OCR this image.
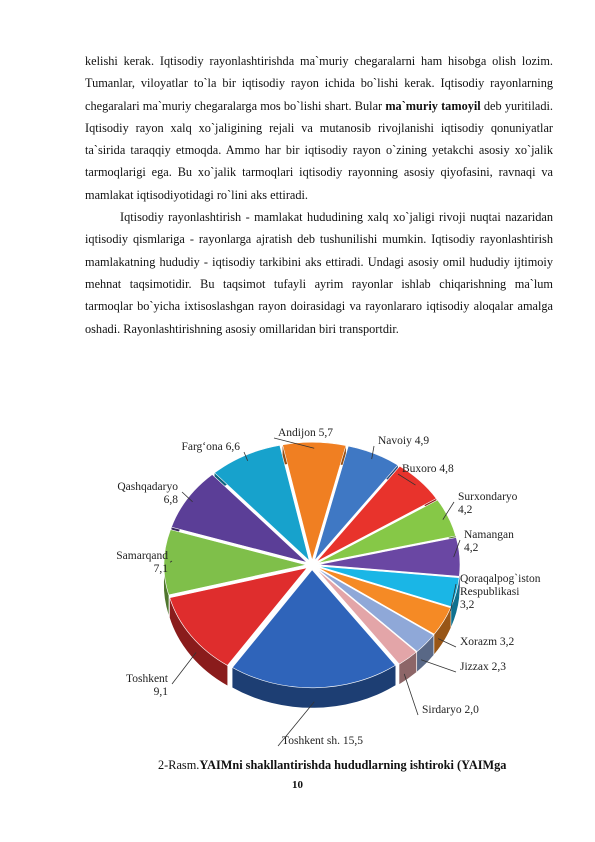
kelishi kerak. Iqtisodiy rayonlashtirishda ma`muriy chegaralarni ham hisobga olish lozim. Tumanlar, viloyatlar to`la bir iqtisodiy rayon ichida bo`lishi kerak. Iqtisodiy rayonlarning chegaralari ma`muriy chegaralarga mos bo`lishi shart. Bular ma`muriy tamoyil deb yuritiladi. Iqtisodiy rayon xalq xo`jaligining rejali va mutanosib rivojlanishi iqtisodiy qonuniyatlar ta`sirida taraqqiy etmoqda. Ammo har bir iqtisodiy rayon o`zining yetakchi asosiy xo`jalik tarmoqlarigi ega. Bu xo`jalik tarmoqlari iqtisodiy rayonning asosiy qiyofasini, ravnaqi va mamlakat iqtisodiyotidagi ro`lini aks ettiradi.

Iqtisodiy rayonlashtirish - mamlakat hududining xalq xo`jaligi rivoji nuqtai nazaridan iqtisodiy qismlariga - rayonlarga ajratish deb tushunilishi mumkin. Iqtisodiy rayonlashtirish mamlakatning hududiy - iqtisodiy tarkibini aks ettiradi. Undagi asosiy omil hududiy ijtimoiy mehnat taqsimotidir. Bu taqsimot tufayli ayrim rayonlar ishlab chiqarishning ma`lum tarmoqlar bo`yicha ixtisoslashgan rayon doirasidagi va rayonlararo iqtisodiy aloqalar amalga oshadi. Rayonlashtirishning asosiy omillaridan biri transportdir.

Andijon 5,7
Navoiy 4,9
Buxoro 4,8
Surxondaryo 4,2
Namangan 4,2
Qoraqalpog`iston Respublikasi 3,2
Xorazm 3,2
Jizzax 2,3
Sirdaryo 2,0
Toshkent sh. 15,5
Toshkent 9,1
Samarqand 7,1
Qashqadaryo 6,8
Farg‘ona 6,6
2-Rasm.YAIMni shakllantirishda hududlarning ishtiroki (YAIMga
10
